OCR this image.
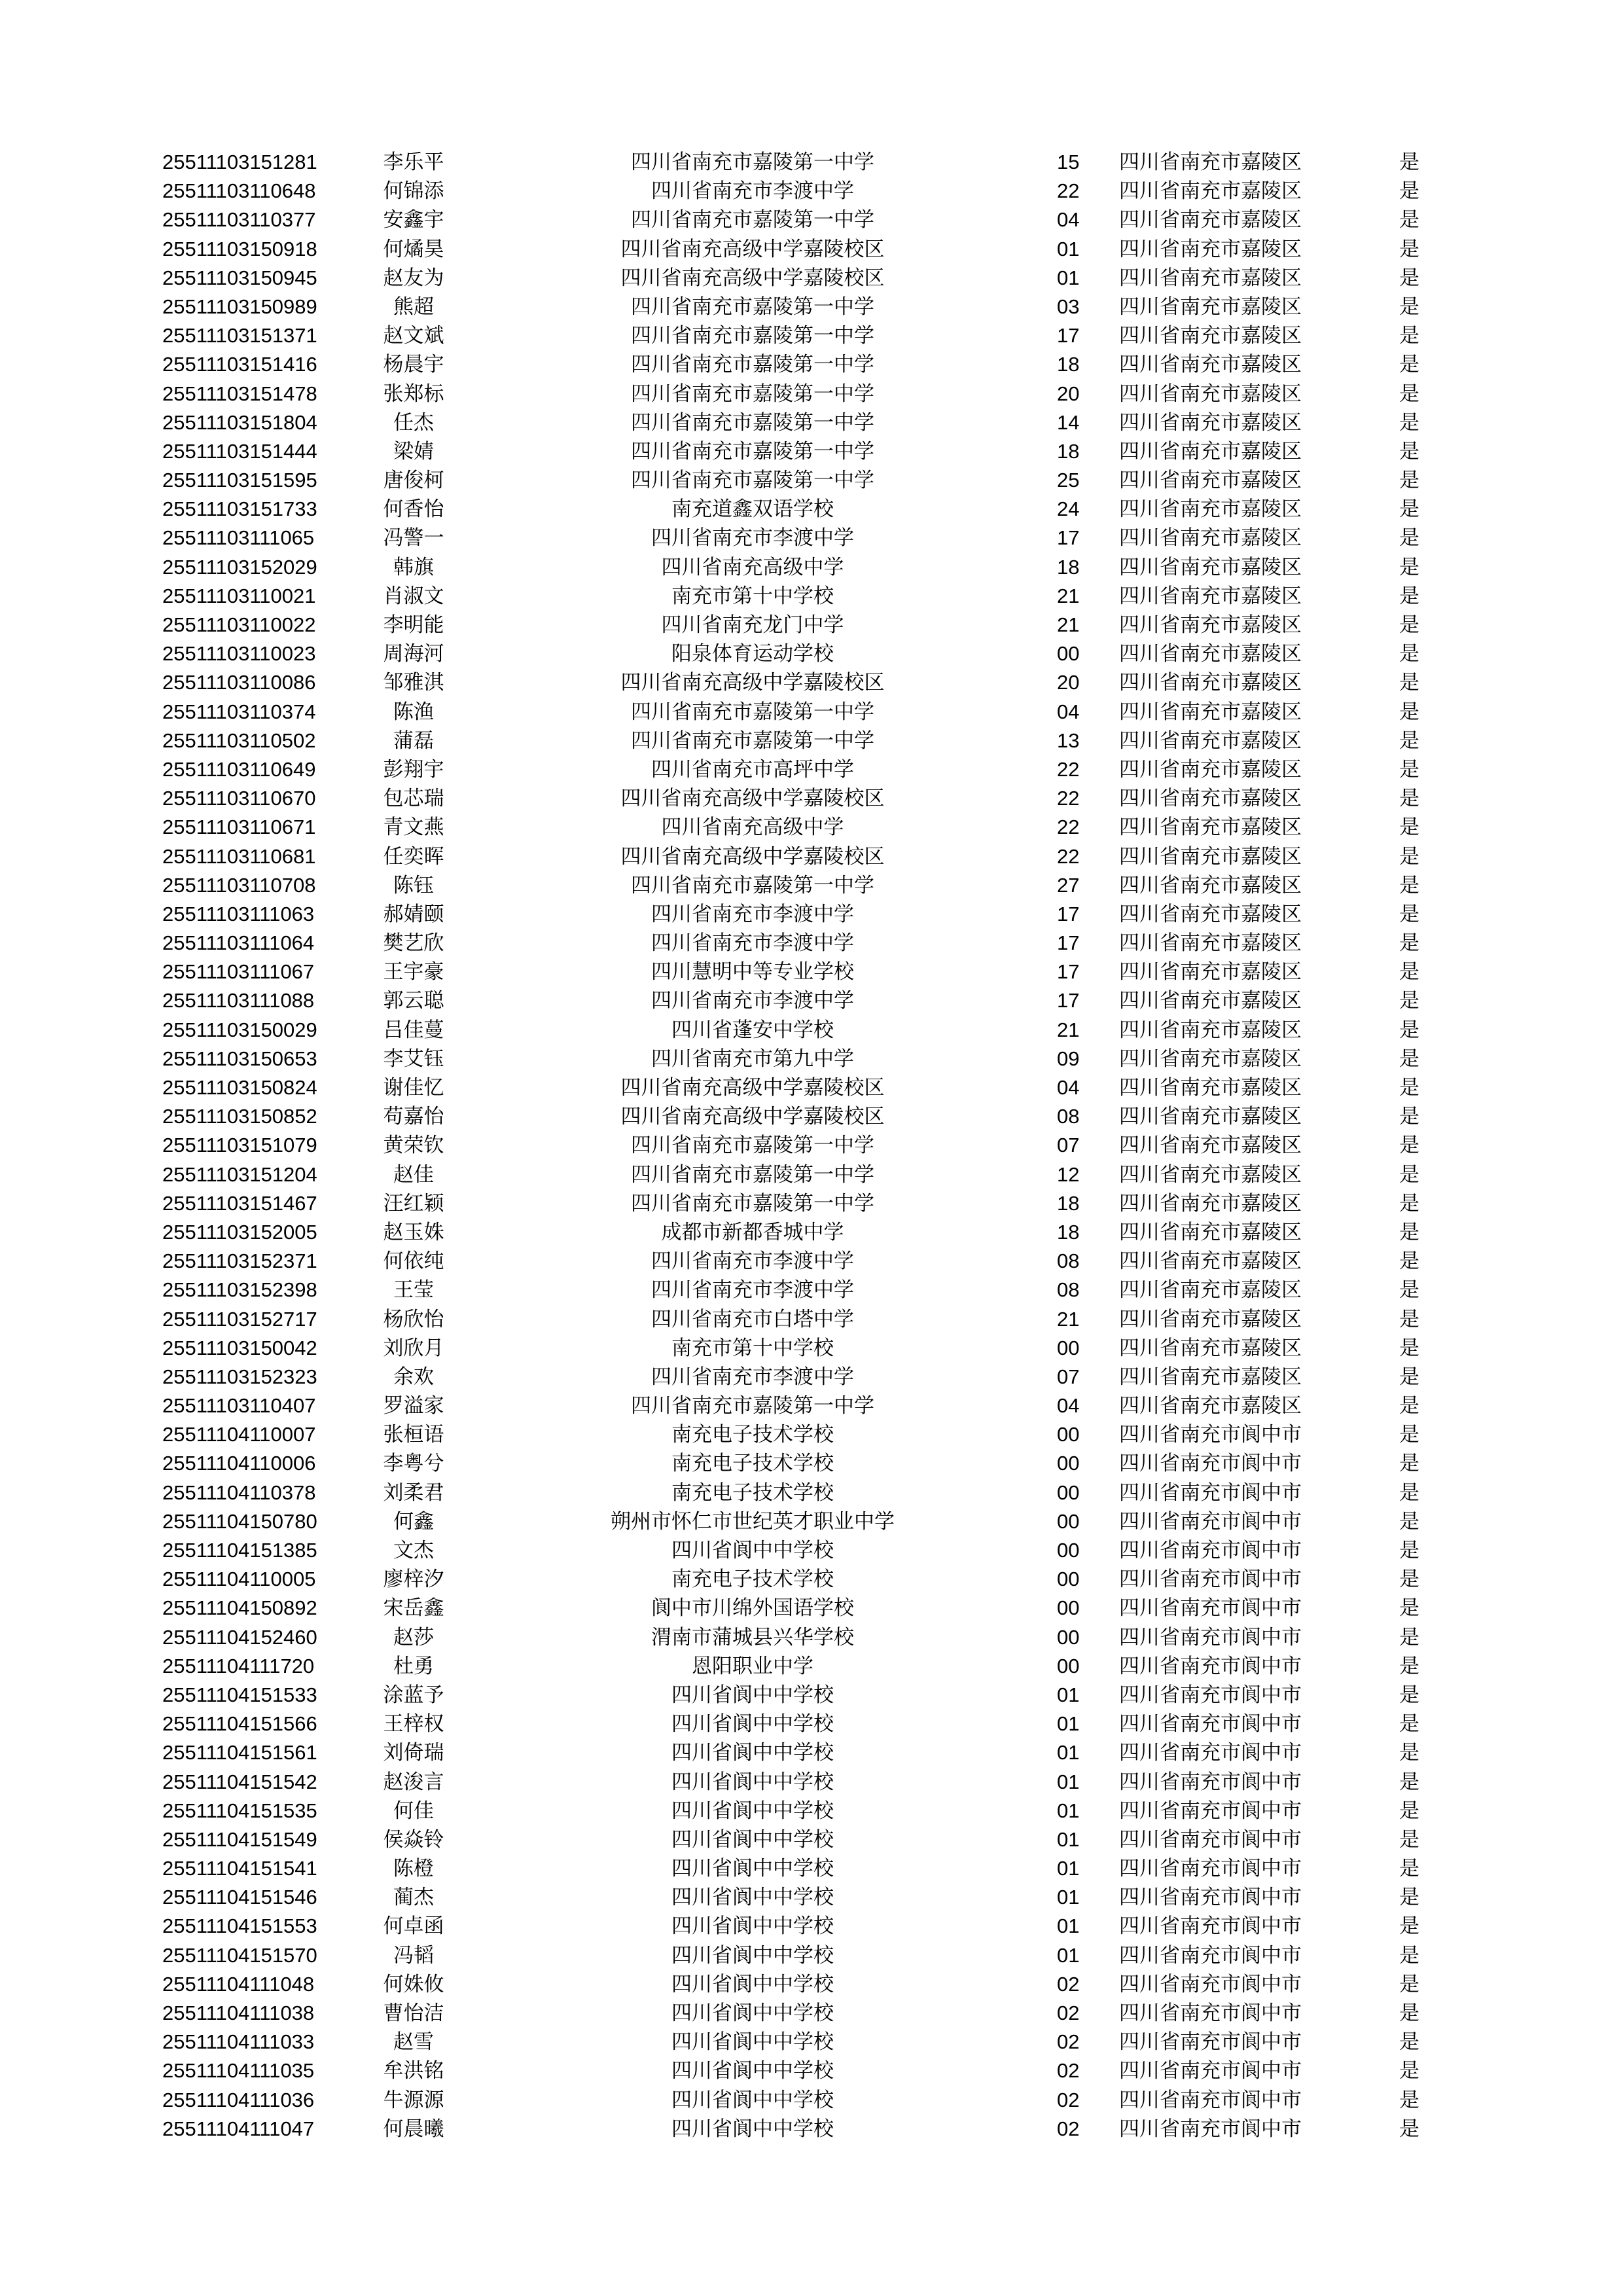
25511103151281	李乐平	四川省南充市嘉陵第一中学	15 四川省南充市嘉陵区	是
25511103110648	何锦添	四川省南充市李渡中学	22 四川省南充市嘉陵区	是
25511103110377	安鑫宇	四川省南充市嘉陵第一中学	04 四川省南充市嘉陵区	是
25511103150918	何燏昊	四川省南充高级中学嘉陵校区	01 四川省南充市嘉陵区	是
25511103150945	赵友为	四川省南充高级中学嘉陵校区	01 四川省南充市嘉陵区	是
25511103150989	熊超	四川省南充市嘉陵第一中学	03 四川省南充市嘉陵区	是
25511103151371	赵文斌	四川省南充市嘉陵第一中学	17 四川省南充市嘉陵区	是
25511103151416	杨晨宇	四川省南充市嘉陵第一中学	18 四川省南充市嘉陵区	是
25511103151478	张郑标	四川省南充市嘉陵第一中学	20 四川省南充市嘉陵区	是
25511103151804	任杰	四川省南充市嘉陵第一中学	14 四川省南充市嘉陵区	是
25511103151444	梁婧	四川省南充市嘉陵第一中学	18 四川省南充市嘉陵区	是
25511103151595	唐俊柯	四川省南充市嘉陵第一中学	25 四川省南充市嘉陵区	是
25511103151733	何香怡	南充道鑫双语学校	24 四川省南充市嘉陵区	是
25511103111065	冯警一	四川省南充市李渡中学	17 四川省南充市嘉陵区	是
25511103152029	韩旗	四川省南充高级中学	18 四川省南充市嘉陵区	是
25511103110021	肖淑文	南充市第十中学校	21 四川省南充市嘉陵区	是
25511103110022	李明能	四川省南充龙门中学	21 四川省南充市嘉陵区	是
25511103110023	周海河	阳泉体育运动学校	00 四川省南充市嘉陵区	是
25511103110086	邹雅淇	四川省南充高级中学嘉陵校区	20 四川省南充市嘉陵区	是
25511103110374	陈渔	四川省南充市嘉陵第一中学	04 四川省南充市嘉陵区	是
25511103110502	蒲磊	四川省南充市嘉陵第一中学	13 四川省南充市嘉陵区	是
25511103110649	彭翔宇	四川省南充市高坪中学	22 四川省南充市嘉陵区	是
25511103110670	包芯瑞	四川省南充高级中学嘉陵校区	22 四川省南充市嘉陵区	是
25511103110671	青文燕	四川省南充高级中学	22 四川省南充市嘉陵区	是
25511103110681	任奕晖	四川省南充高级中学嘉陵校区	22 四川省南充市嘉陵区	是
25511103110708	陈钰	四川省南充市嘉陵第一中学	27 四川省南充市嘉陵区	是
25511103111063	郝婧颐	四川省南充市李渡中学	17 四川省南充市嘉陵区	是
25511103111064	樊艺欣	四川省南充市李渡中学	17 四川省南充市嘉陵区	是
25511103111067	王宇豪	四川慧明中等专业学校	17 四川省南充市嘉陵区	是
25511103111088	郭云聪	四川省南充市李渡中学	17 四川省南充市嘉陵区	是
25511103150029	吕佳蔓	四川省蓬安中学校	21 四川省南充市嘉陵区	是
25511103150653	李艾钰	四川省南充市第九中学	09 四川省南充市嘉陵区	是
25511103150824	谢佳忆	四川省南充高级中学嘉陵校区	04 四川省南充市嘉陵区	是
25511103150852	苟嘉怡	四川省南充高级中学嘉陵校区	08 四川省南充市嘉陵区	是
25511103151079	黄荣钦	四川省南充市嘉陵第一中学	07 四川省南充市嘉陵区	是
25511103151204	赵佳	四川省南充市嘉陵第一中学	12 四川省南充市嘉陵区	是
25511103151467	汪红颖	四川省南充市嘉陵第一中学	18 四川省南充市嘉陵区	是
25511103152005	赵玉姝	成都市新都香城中学	18 四川省南充市嘉陵区	是
25511103152371	何依纯	四川省南充市李渡中学	08 四川省南充市嘉陵区	是
25511103152398	王莹	四川省南充市李渡中学	08 四川省南充市嘉陵区	是
25511103152717	杨欣怡	四川省南充市白塔中学	21 四川省南充市嘉陵区	是
25511103150042	刘欣月	南充市第十中学校	00 四川省南充市嘉陵区	是
25511103152323	余欢	四川省南充市李渡中学	07 四川省南充市嘉陵区	是
25511103110407	罗溢家	四川省南充市嘉陵第一中学	04 四川省南充市嘉陵区	是
25511104110007	张桓语	南充电子技术学校	00 四川省南充市阆中市	是
25511104110006	李粤兮	南充电子技术学校	00 四川省南充市阆中市	是
25511104110378	刘柔君	南充电子技术学校	00 四川省南充市阆中市	是
25511104150780	何鑫	朔州市怀仁市世纪英才职业中学	00 四川省南充市阆中市	是
25511104151385	文杰	四川省阆中中学校	00 四川省南充市阆中市	是
25511104110005	廖梓汐	南充电子技术学校	00 四川省南充市阆中市	是
25511104150892	宋岳鑫	阆中市川绵外国语学校	00 四川省南充市阆中市	是
25511104152460	赵莎	渭南市蒲城县兴华学校	00 四川省南充市阆中市	是
25511104111720	杜勇	恩阳职业中学	00 四川省南充市阆中市	是
25511104151533	涂蓝予	四川省阆中中学校	01 四川省南充市阆中市	是
25511104151566	王梓权	四川省阆中中学校	01 四川省南充市阆中市	是
25511104151561	刘倚瑞	四川省阆中中学校	01 四川省南充市阆中市	是
25511104151542	赵浚言	四川省阆中中学校	01 四川省南充市阆中市	是
25511104151535	何佳	四川省阆中中学校	01 四川省南充市阆中市	是
25511104151549	侯焱铃	四川省阆中中学校	01 四川省南充市阆中市	是
25511104151541	陈橙	四川省阆中中学校	01 四川省南充市阆中市	是
25511104151546	蔺杰	四川省阆中中学校	01 四川省南充市阆中市	是
25511104151553	何卓函	四川省阆中中学校	01 四川省南充市阆中市	是
25511104151570	冯韬	四川省阆中中学校	01 四川省南充市阆中市	是
25511104111048	何姝攸	四川省阆中中学校	02 四川省南充市阆中市	是
25511104111038	曹怡洁	四川省阆中中学校	02 四川省南充市阆中市	是
25511104111033	赵雪	四川省阆中中学校	02 四川省南充市阆中市	是
25511104111035	牟洪铭	四川省阆中中学校	02 四川省南充市阆中市	是
25511104111036	牛源源	四川省阆中中学校	02 四川省南充市阆中市	是
25511104111047	何晨曦	四川省阆中中学校	02 四川省南充市阆中市	是
